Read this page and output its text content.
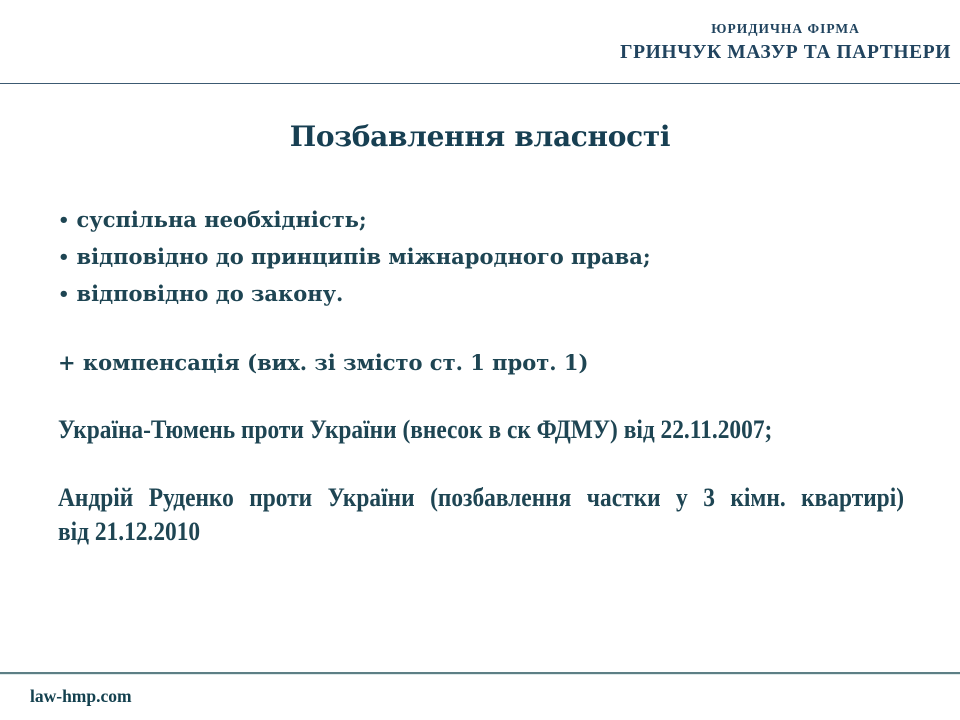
ЮРИДИЧНА ФІРМА
ГРИНЧУК МАЗУР ТА ПАРТНЕРИ
Позбавлення власності
• суспільна необхідність;
• відповідно до принципів міжнародного права;
• відповідно до закону.

+ компенсація (вих. зі змісто ст. 1 прот. 1)

Україна-Тюмень проти України (внесок в ск ФДМУ) від 22.11.2007;

Андрій Руденко проти України (позбавлення частки у 3 кімн. квартирі)
від 21.12.2010
law-hmp.com
